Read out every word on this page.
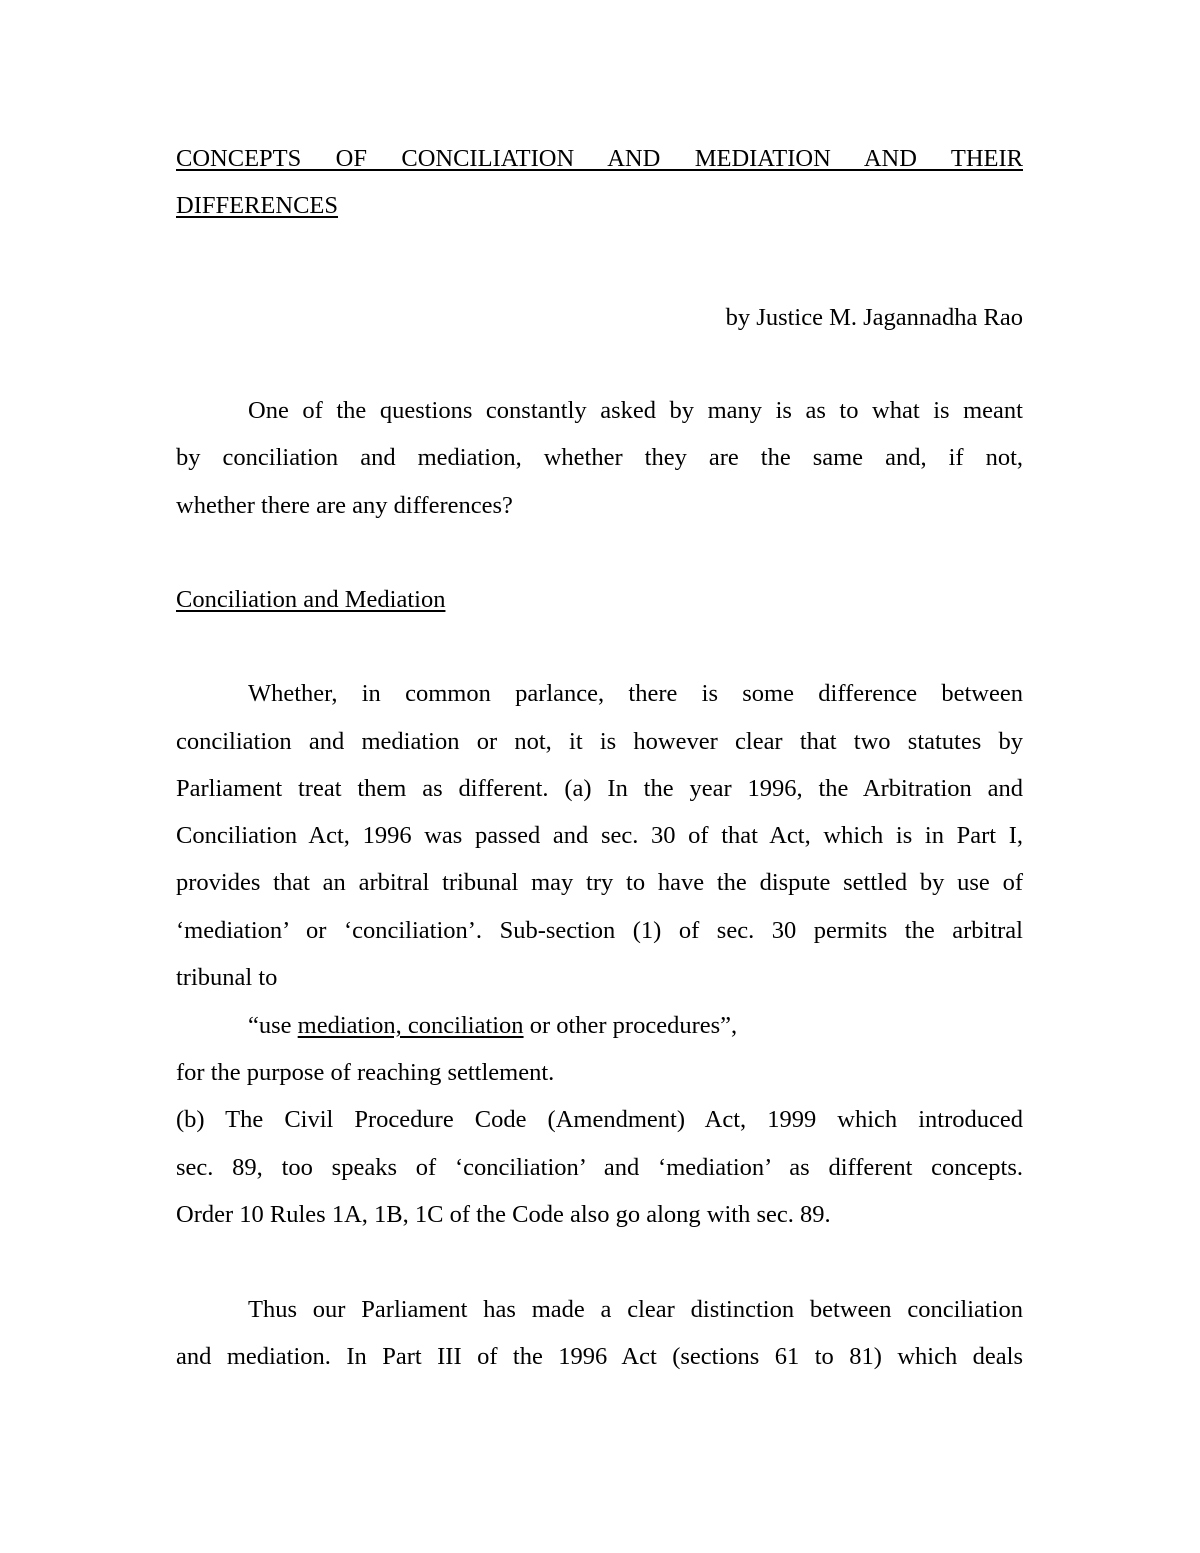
CONCEPTS OF CONCILIATION AND MEDIATION AND THEIR
DIFFERENCES
by Justice M. Jagannadha Rao
One of the questions constantly asked by many is as to what is meant
by conciliation and mediation, whether they are the same and, if not,
whether there are any differences?
Conciliation and Mediation
Whether, in common parlance, there is some difference between
conciliation and mediation or not, it is however clear that two statutes by
Parliament treat them as different. (a) In the year 1996, the Arbitration and
Conciliation Act, 1996 was passed and sec. 30 of that Act, which is in Part I,
provides that an arbitral tribunal may try to have the dispute settled by use of
‘mediation’ or ‘conciliation’. Sub-section (1) of sec. 30 permits the arbitral
tribunal to
“use mediation, conciliation or other procedures”,
for the purpose of reaching settlement.
(b) The Civil Procedure Code (Amendment) Act, 1999 which introduced
sec. 89, too speaks of ‘conciliation’ and ‘mediation’ as different concepts.
Order 10 Rules 1A, 1B, 1C of the Code also go along with sec. 89.
Thus our Parliament has made a clear distinction between conciliation
and mediation. In Part III of the 1996 Act (sections 61 to 81) which deals
